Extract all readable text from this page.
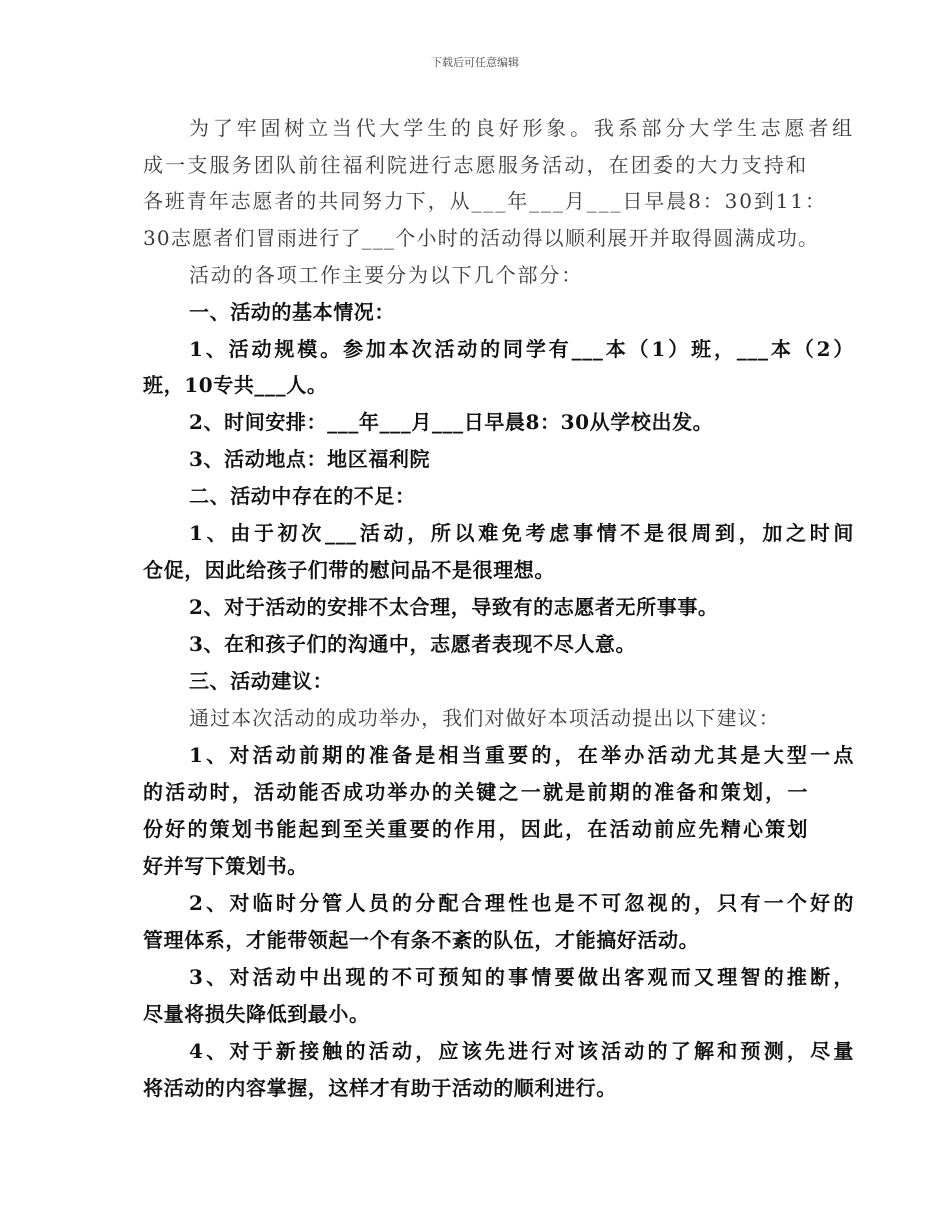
下载后可任意编辑
为了牢固树立当代大学生的良好形象。我系部分大学生志愿者组
成一支服务团队前往福利院进行志愿服务活动，在团委的大力支持和
各班青年志愿者的共同努力下，从___年___月___日早晨8：30到11：
30志愿者们冒雨进行了___个小时的活动得以顺利展开并取得圆满成功。
活动的各项工作主要分为以下几个部分：
一、活动的基本情况：
1、活动规模。参加本次活动的同学有___本（1）班，___本（2）
班，10专共___人。
2、时间安排：___年___月___日早晨8：30从学校出发。
3、活动地点：地区福利院
二、活动中存在的不足：
1、由于初次___活动，所以难免考虑事情不是很周到，加之时间
仓促，因此给孩子们带的慰问品不是很理想。
2、对于活动的安排不太合理，导致有的志愿者无所事事。
3、在和孩子们的沟通中，志愿者表现不尽人意。
三、活动建议：
通过本次活动的成功举办，我们对做好本项活动提出以下建议：
1、对活动前期的准备是相当重要的，在举办活动尤其是大型一点
的活动时，活动能否成功举办的关键之一就是前期的准备和策划，一
份好的策划书能起到至关重要的作用，因此，在活动前应先精心策划
好并写下策划书。
2、对临时分管人员的分配合理性也是不可忽视的，只有一个好的
管理体系，才能带领起一个有条不紊的队伍，才能搞好活动。
3、对活动中出现的不可预知的事情要做出客观而又理智的推断，
尽量将损失降低到最小。
4、对于新接触的活动，应该先进行对该活动的了解和预测，尽量
将活动的内容掌握，这样才有助于活动的顺利进行。
